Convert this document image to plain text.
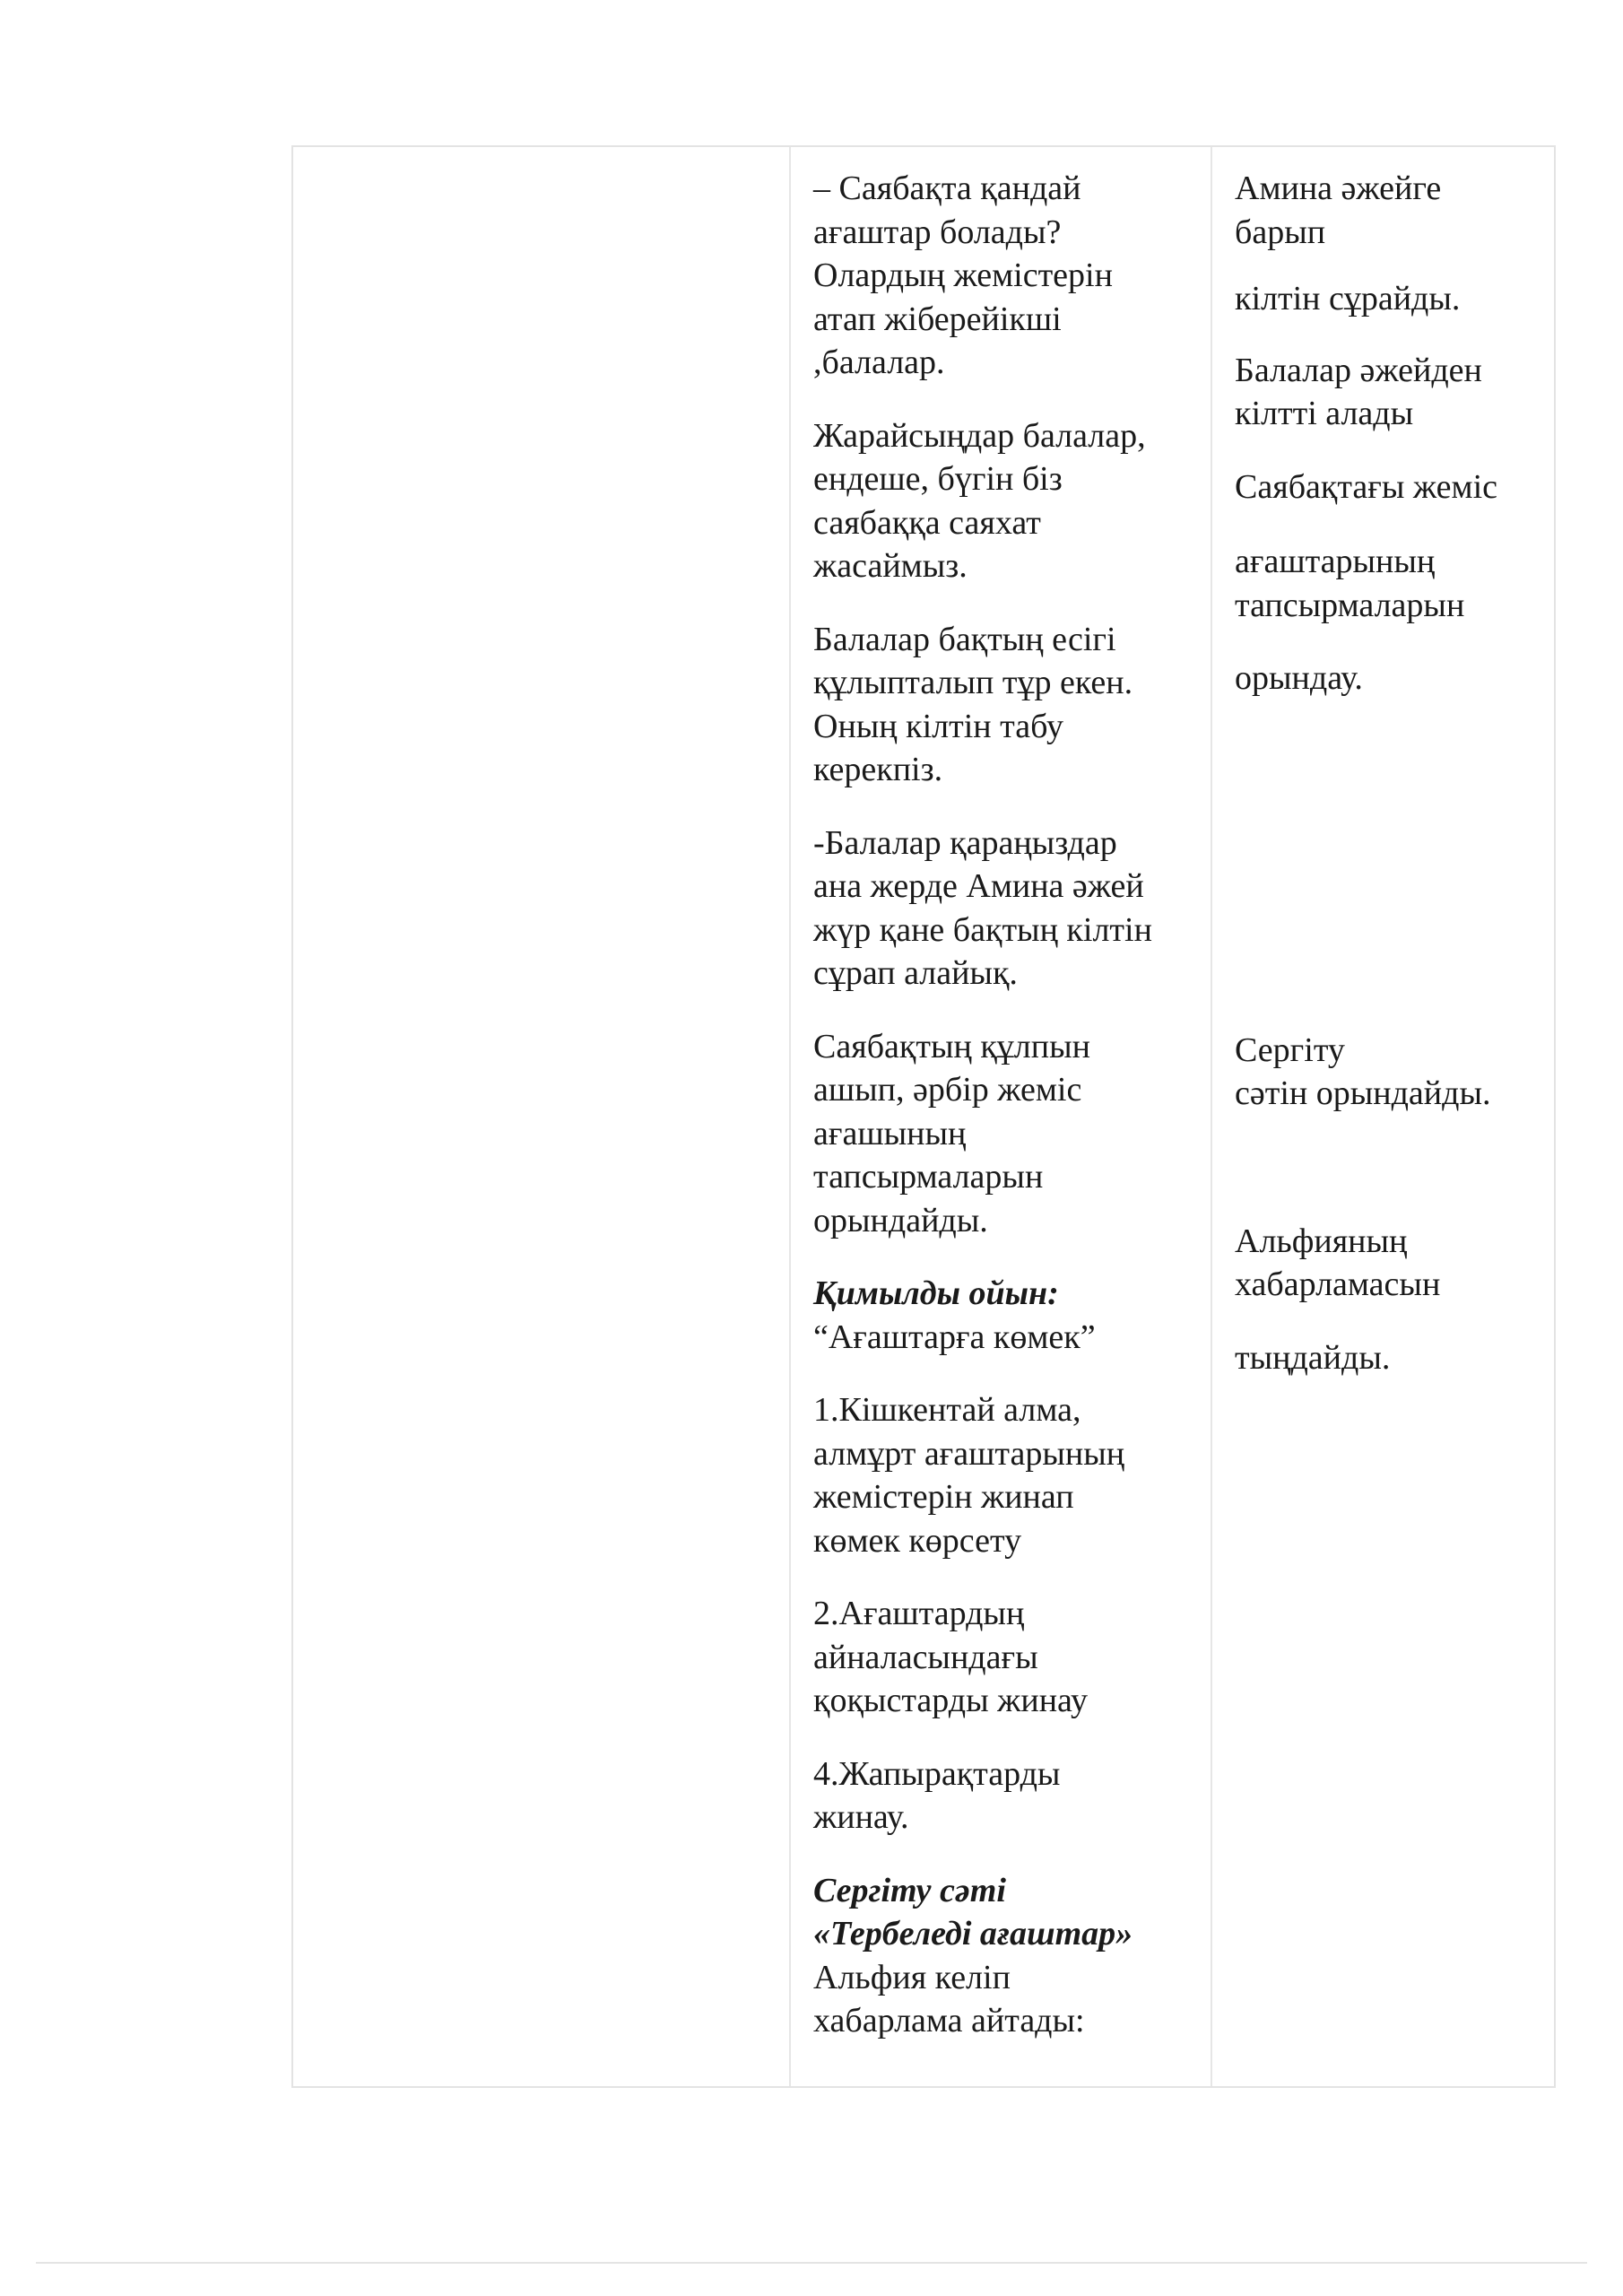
– Саябақта қандай
ағаштар болады?
Олардың жемістерін
атап жіберейікші
,балалар.

Жарайсыңдар балалар,
ендеше, бүгін біз
саябаққа саяхат
жасаймыз.

Балалар бақтың есігі
құлыпталып тұр екен.
Оның кілтін табу
керекпіз.

-Балалар қараңыздар
ана жерде Амина әжей
жүр қане бақтың кілтін
сұрап алайық.

Саябақтың құлпын
ашып, әрбір жеміс
ағашының
тапсырмаларын
орындайды.

Қимылды ойын:
“Ағаштарға көмек”

1.Кішкентай алма,
алмұрт ағаштарының
жемістерін жинап
көмек көрсету

2.Ағаштардың
айналасындағы
қоқыстарды жинау

4.Жапырақтарды
жинау.

Сергіту сәті
«Тербеледі ағаштар»

Альфия келіп
хабарлама айтады:

Амина әжейге
барып

кілтін сұрайды.

Балалар әжейден
кілтті алады

Саябақтағы жеміс

ағаштарының
тапсырмаларын

орындау.

Сергіту
сәтін орындайды.

Альфияның
хабарламасын

тыңдайды.
